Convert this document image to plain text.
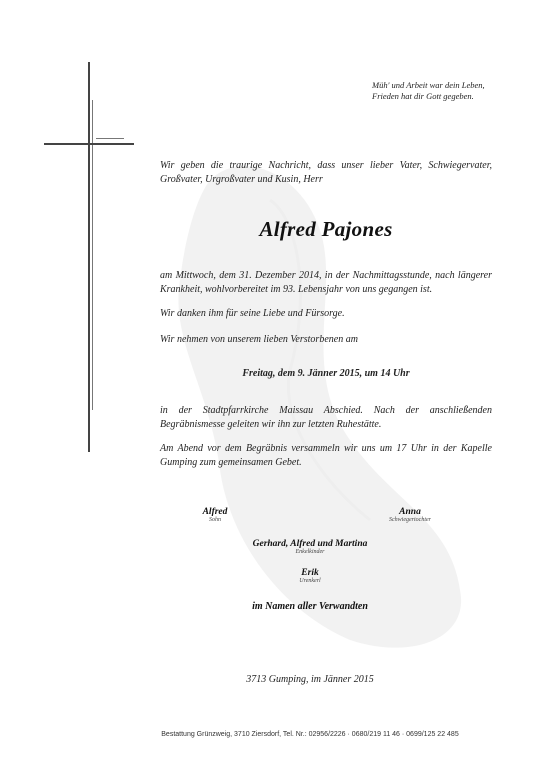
Müh' und Arbeit war dein Leben,
Frieden hat dir Gott gegeben.
Wir geben die traurige Nachricht, dass unser lieber Vater, Schwiegervater, Großvater, Urgroßvater und Kusin, Herr
Alfred Pajones
am Mittwoch, dem 31. Dezember 2014, in der Nachmittagsstunde, nach längerer Krankheit, wohlvorbereitet im 93. Lebensjahr von uns gegangen ist.
Wir danken ihm für seine Liebe und Fürsorge.
Wir nehmen von unserem lieben Verstorbenen am
Freitag, dem 9. Jänner 2015, um 14 Uhr
in der Stadtpfarrkirche Maissau Abschied. Nach der anschließenden Begräbnismesse geleiten wir ihn zur letzten Ruhestätte.
Am Abend vor dem Begräbnis versammeln wir uns um 17 Uhr in der Kapelle Gumping zum gemeinsamen Gebet.
Alfred
Sohn
Anna
Schwiegertochter
Gerhard, Alfred und Martina
Enkelkinder
Erik
Urenkerl
im Namen aller Verwandten
3713 Gumping, im Jänner 2015
Bestattung Grünzweig, 3710 Ziersdorf, Tel. Nr.: 02956/2226 · 0680/219 11 46 · 0699/125 22 485
